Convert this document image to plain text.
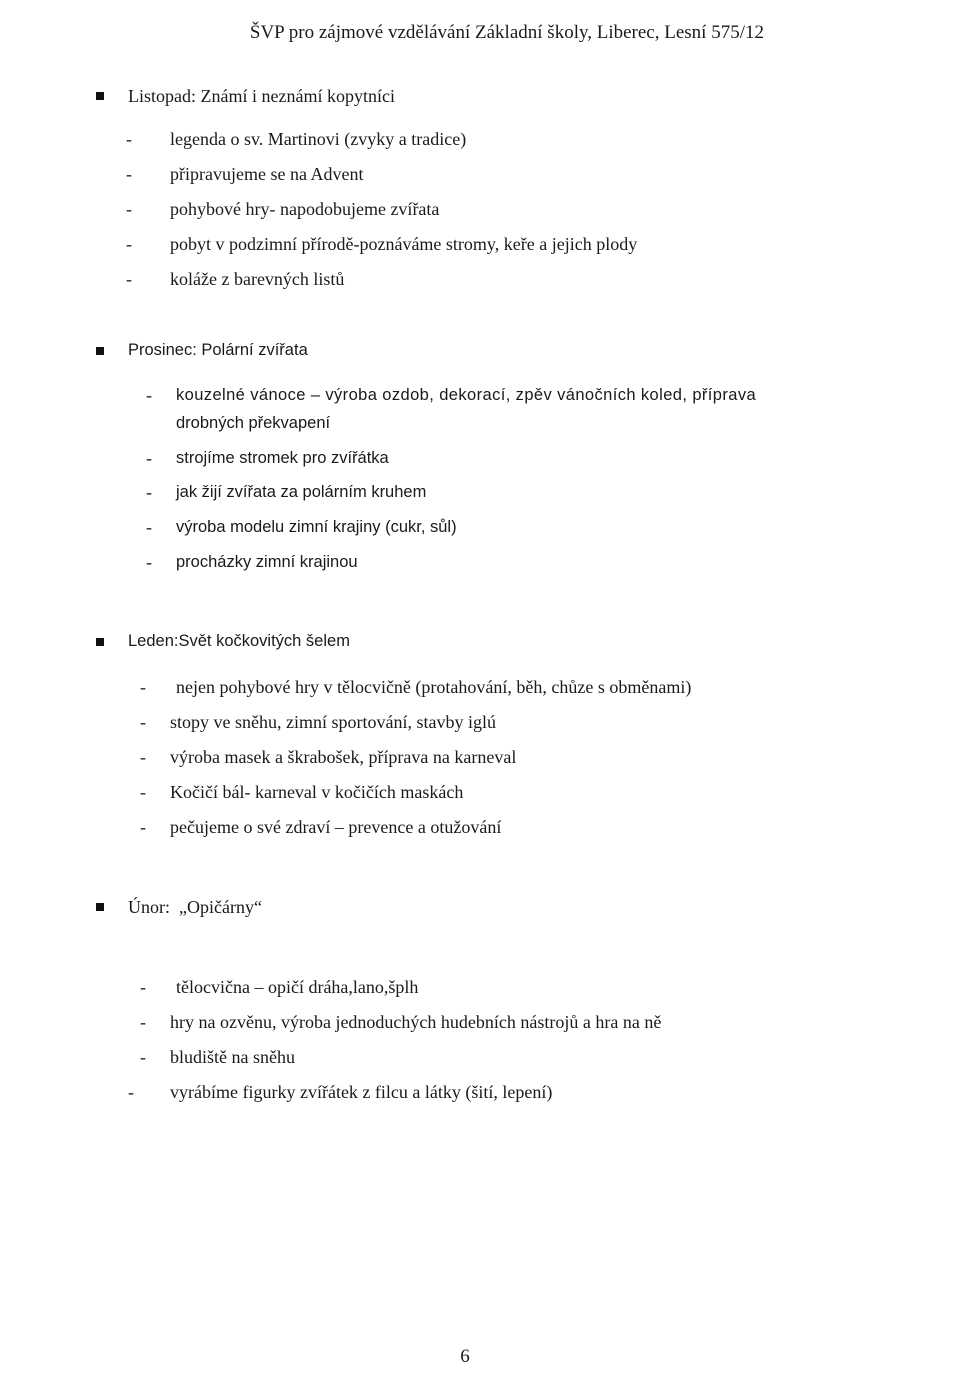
ŠVP pro zájmové vzdělávání Základní školy, Liberec, Lesní 575/12
Listopad: Známí i neznámí kopytníci
- legenda o sv. Martinovi (zvyky a tradice)
- připravujeme se na Advent
- pohybové hry- napodobujeme zvířata
- pobyt v podzimní přírodě-poznáváme stromy, keře a jejich plody
- koláže z barevných listů
Prosinec: Polární zvířata
- kouzelné vánoce – výroba ozdob, dekorací, zpěv vánočních koled, příprava
drobných překvapení
- strojíme stromek pro zvířátka
- jak žijí zvířata za polárním kruhem
- výroba modelu zimní krajiny (cukr, sůl)
- procházky zimní krajinou
Leden:Svět kočkovitých šelem
- nejen pohybové hry v tělocvičně (protahování, běh, chůze s obměnami)
- stopy ve sněhu, zimní sportování, stavby iglú
- výroba masek a škrabošek, příprava na karneval
- Kočičí bál- karneval v kočičích maskách
- pečujeme o své zdraví – prevence a otužování
Únor:  „Opičárny“
- tělocvična – opičí dráha,lano,šplh
- hry na ozvěnu, výroba jednoduchých hudebních nástrojů a hra na ně
- bludiště na sněhu
- vyrábíme figurky zvířátek z filcu a látky (šití, lepení)
6
